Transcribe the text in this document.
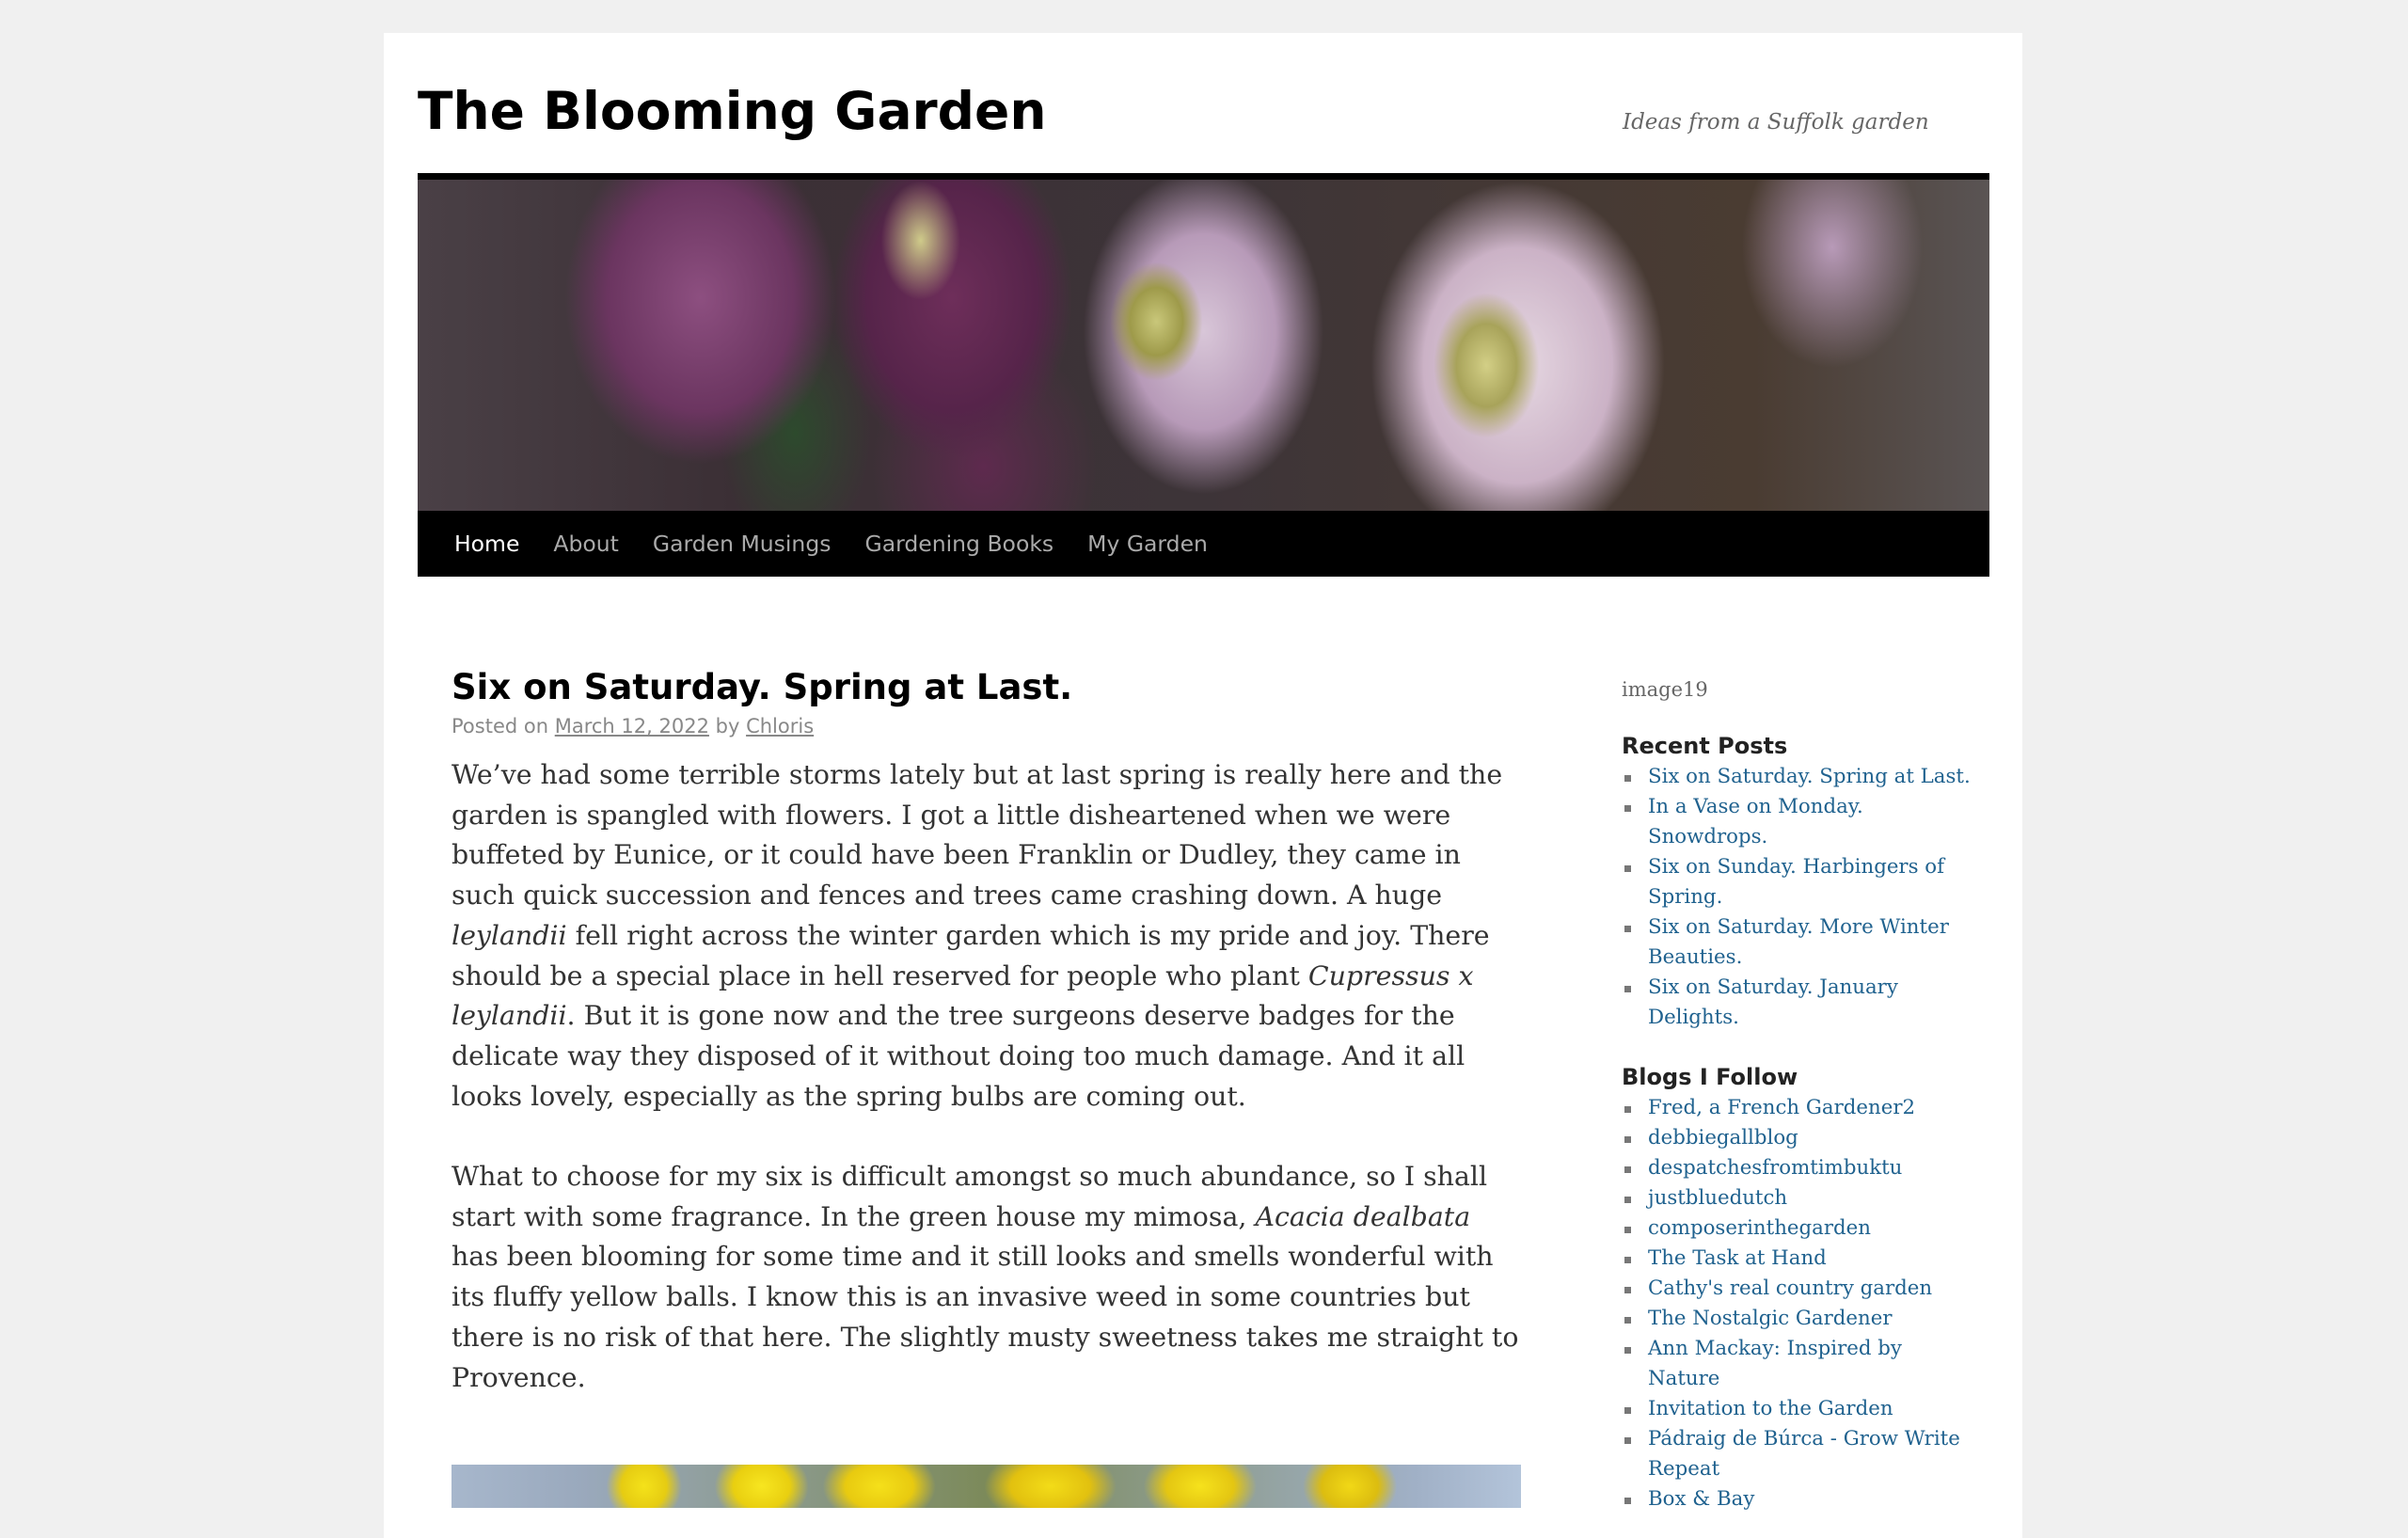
The Blooming Garden	Ideas from a Suffolk garden
Home About Garden Musings Gardening Books My Garden
Six on Saturday. Spring at Last.
Posted on March 12, 2022 by Chloris

We’ve had some terrible storms lately but at last spring is really here and the garden is spangled with flowers. I got a little disheartened when we were buffeted by Eunice, or it could have been Franklin or Dudley, they came in such quick succession and fences and trees came crashing down. A huge leylandii fell right across the winter garden which is my pride and joy. There should be a special place in hell reserved for people who plant Cupressus x leylandii. But it is gone now and the tree surgeons deserve badges for the delicate way they disposed of it without doing too much damage. And it all looks lovely, especially as the spring bulbs are coming out.

What to choose for my six is difficult amongst so much abundance, so I shall start with some fragrance. In the green house my mimosa, Acacia dealbata has been blooming for some time and it still looks and smells wonderful with its fluffy yellow balls. I know this is an invasive weed in some countries but there is no risk of that here. The slightly musty sweetness takes me straight to Provence.

image19
Recent Posts
Six on Saturday. Spring at Last.
In a Vase on Monday. Snowdrops.
Six on Sunday. Harbingers of Spring.
Six on Saturday. More Winter Beauties.
Six on Saturday. January Delights.
Blogs I Follow
Fred, a French Gardener2
debbiegallblog
despatchesfromtimbuktu
justbluedutch
composerinthegarden
The Task at Hand
Cathy's real country garden
The Nostalgic Gardener
Ann Mackay: Inspired by Nature
Invitation to the Garden
Pádraig de Búrca - Grow Write Repeat
Box & Bay
